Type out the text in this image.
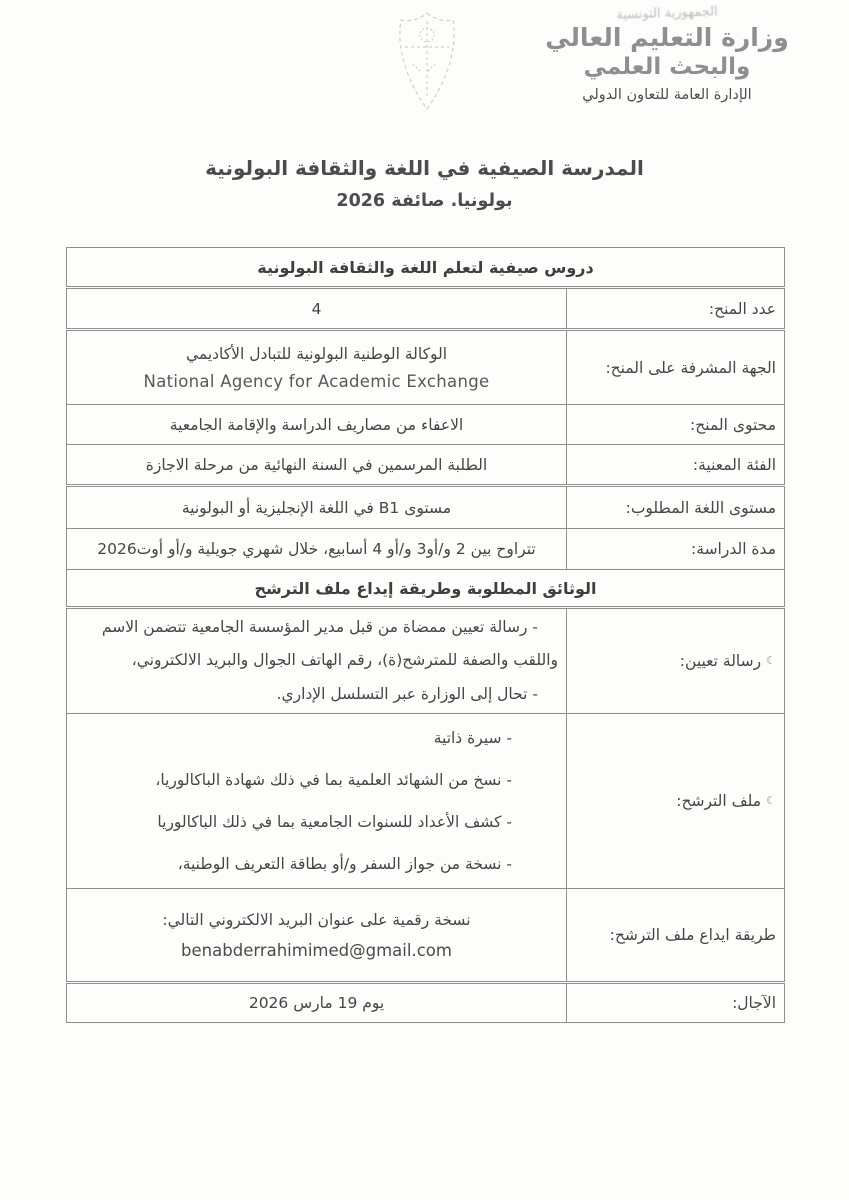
الجمهورية التونسية
وزارة التعليم العالي
والبحث العلمي
الإدارة العامة للتعاون الدولي
المدرسة الصيفية في اللغة والثقافة البولونية
بولونيا. صائفة 2026
دروس صيفية لتعلم اللغة والثقافة البولونية	
عدد المنح:	4
الجهة المشرفة على المنح:	الوكالة الوطنية البولونية للتبادل الأكاديمي
National Agency for Academic Exchange

محتوى المنح:	الاعفاء من مصاريف الدراسة والإقامة الجامعية
الفئة المعنية:	الطلبة المرسمين في السنة النهائية من مرحلة الاجازة
مستوى اللغة المطلوب:	مستوى B1 في اللغة الإنجليزية أو البولونية
مدة الدراسة:	تتراوح بين 2 و/أو3 و/أو 4 أسابيع، خلال شهري جويلية و/أو أوت2026
الوثائق المطلوبة وطريقة إيداع ملف الترشح	
☾رسالة تعيين:	- رسالة تعيين ممضاة من قبل مدير المؤسسة الجامعية تتضمن الاسم واللقب والصفة للمترشح(ة)، رقم الهاتف الجوال والبريد الالكتروني،
- تحال إلى الوزارة عبر التسلسل الإداري.

☾ملف الترشح:	- سيرة ذاتية
- نسخ من الشهائد العلمية بما في ذلك شهادة الباكالوريا،
- كشف الأعداد للسنوات الجامعية بما في ذلك الباكالوريا
- نسخة من جواز السفر و/أو بطاقة التعريف الوطنية،

طريقة ايداع ملف الترشح:	نسخة رقمية على عنوان البريد الالكتروني التالي:
benabderrahimimed@gmail.com

الآجال:	يوم 19 مارس 2026
